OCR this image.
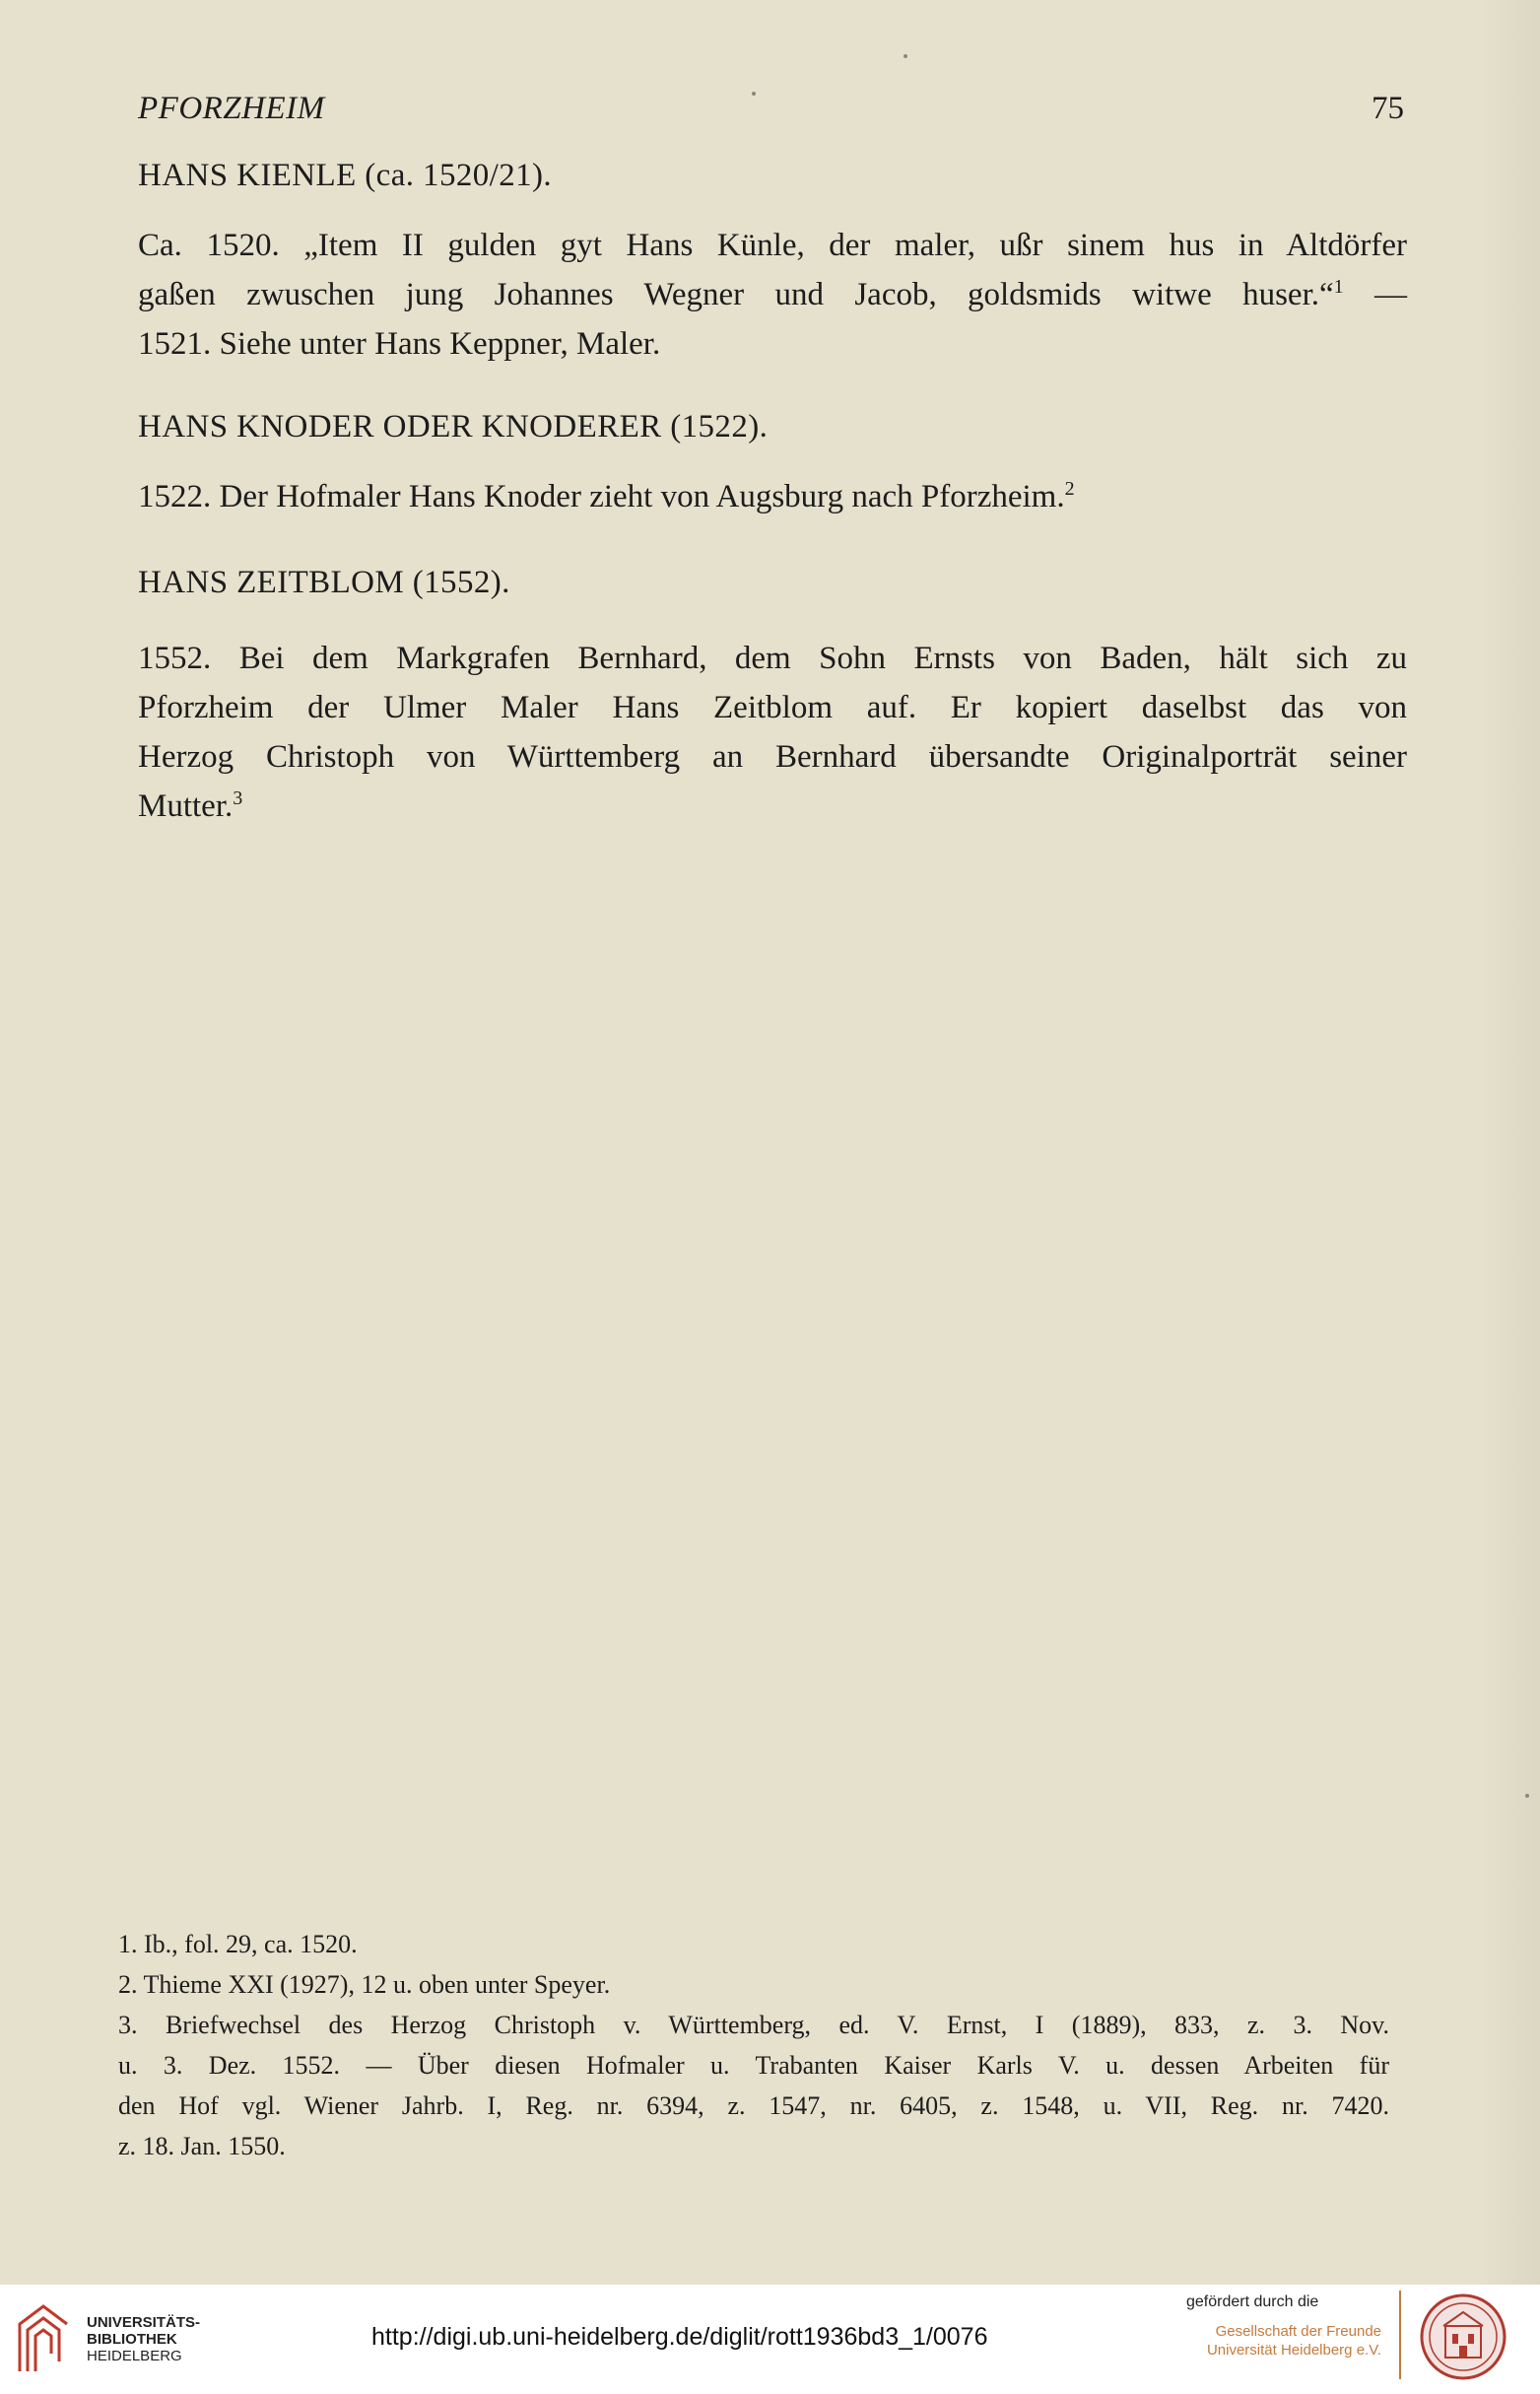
PFORZHEIM	75
HANS KIENLE (ca. 1520/21).
Ca. 1520. „Item II gulden gyt Hans Künle, der maler, ußr sinem hus in Altdörfer
gaßen zwuschen jung Johannes Wegner und Jacob, goldsmids witwe huser.“$^1$ —
1521. Siehe unter Hans Keppner, Maler.
HANS KNODER ODER KNODERER (1522).
1522. Der Hofmaler Hans Knoder zieht von Augsburg nach Pforzheim.$^2$
HANS ZEITBLOM (1552).
1552. Bei dem Markgrafen Bernhard, dem Sohn Ernsts von Baden, hält sich zu
Pforzheim der Ulmer Maler Hans Zeitblom auf. Er kopiert daselbst das von
Herzog Christoph von Württemberg an Bernhard übersandte Originalporträt seiner
Mutter.$^3$
1. Ib., fol. 29, ca. 1520.
2. Thieme XXI (1927), 12 u. oben unter Speyer.
3. Briefwechsel des Herzog Christoph v. Württemberg, ed. V. Ernst, I (1889), 833, z. 3. Nov.
u. 3. Dez. 1552. — Über diesen Hofmaler u. Trabanten Kaiser Karls V. u. dessen Arbeiten für
den Hof vgl. Wiener Jahrb. I, Reg. nr. 6394, z. 1547, nr. 6405, z. 1548, u. VII, Reg. nr. 7420.
z. 18. Jan. 1550.
UNIVERSITÄTS-
BIBLIOTHEK
HEIDELBERG
http://digi.ub.uni-heidelberg.de/diglit/rott1936bd3_1/0076
gefördert durch die
Gesellschaft der Freunde
Universität Heidelberg e.V.
